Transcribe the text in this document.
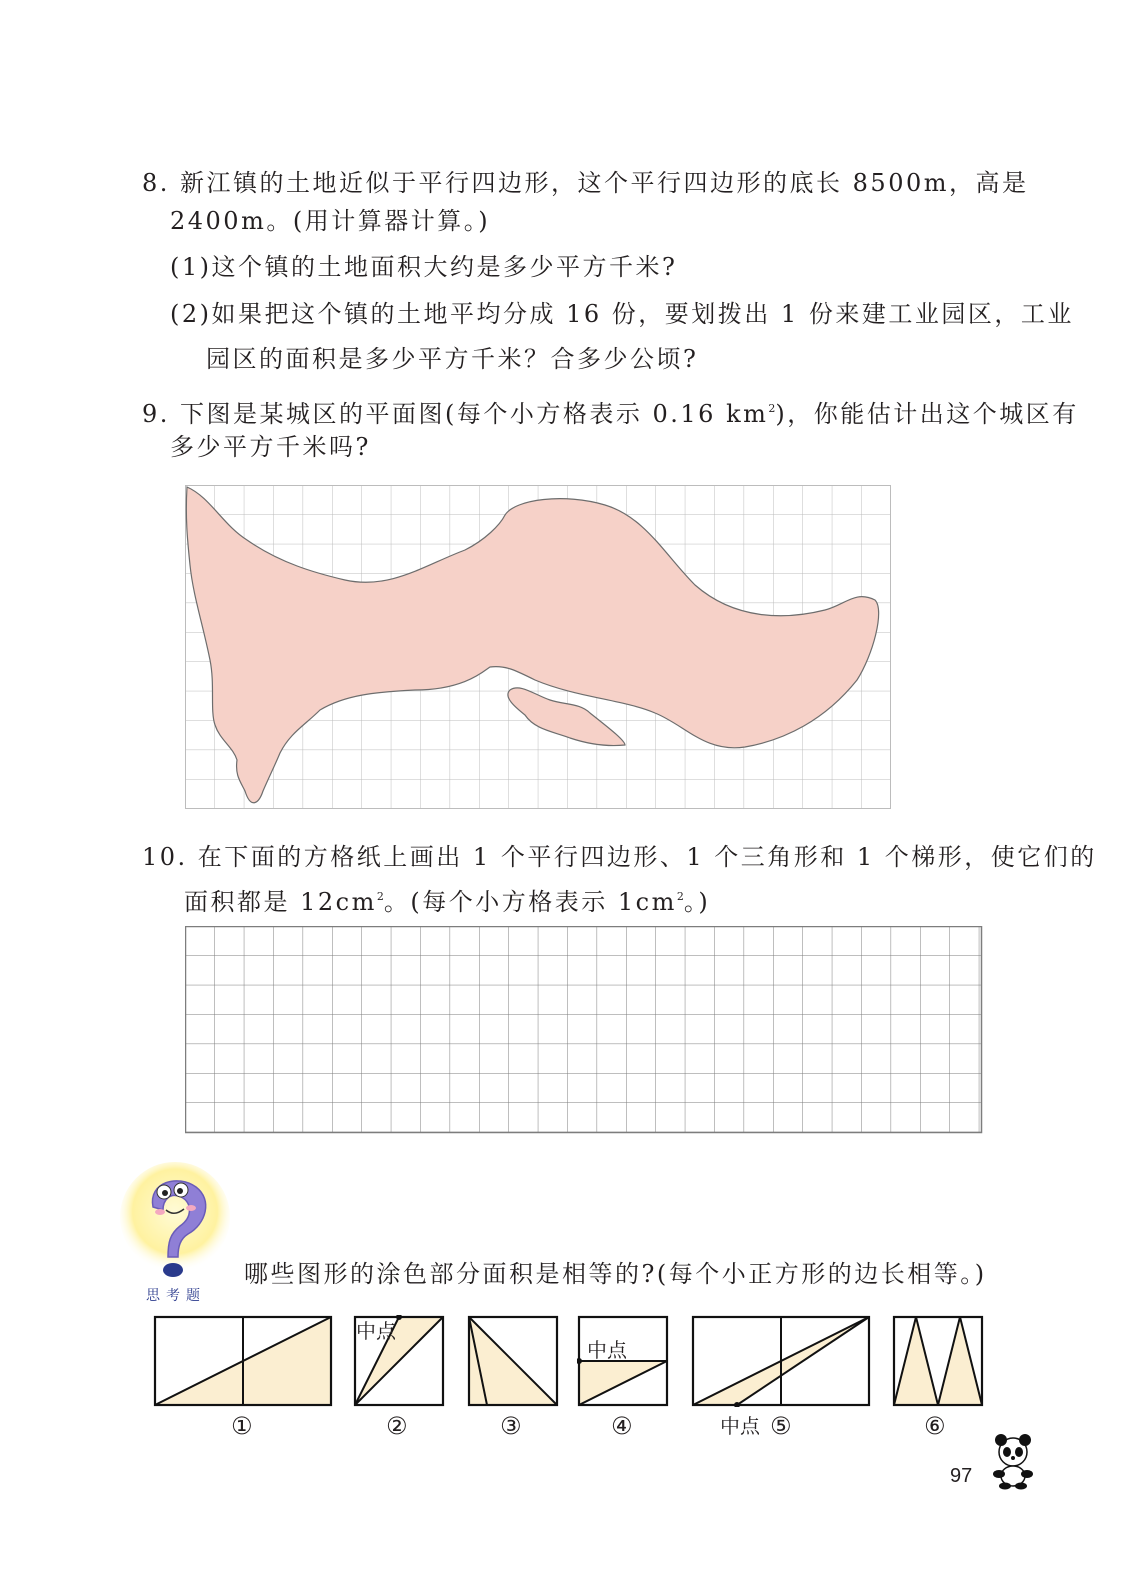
8. 新江镇的土地近似于平行四边形，这个平行四边形的底长 8500m，高是
2400m。(用计算器计算。)
(1)这个镇的土地面积大约是多少平方千米?
(2)如果把这个镇的土地平均分成 16 份，要划拨出 1 份来建工业园区，工业
园区的面积是多少平方千米？合多少公顷?
9. 下图是某城区的平面图(每个小方格表示 0.16 $km^2$)，你能估计出这个城区有
多少平方千米吗?
10. 在下面的方格纸上画出 1 个平行四边形、1 个三角形和 1 个梯形，使它们的
面积都是 $12cm^2$。(每个小方格表示 $1cm^2$。)
思考题
哪些图形的涂色部分面积是相等的?(每个小正方形的边长相等。)
中点
中点
中点
①	②	③	④	⑤	⑥
97
